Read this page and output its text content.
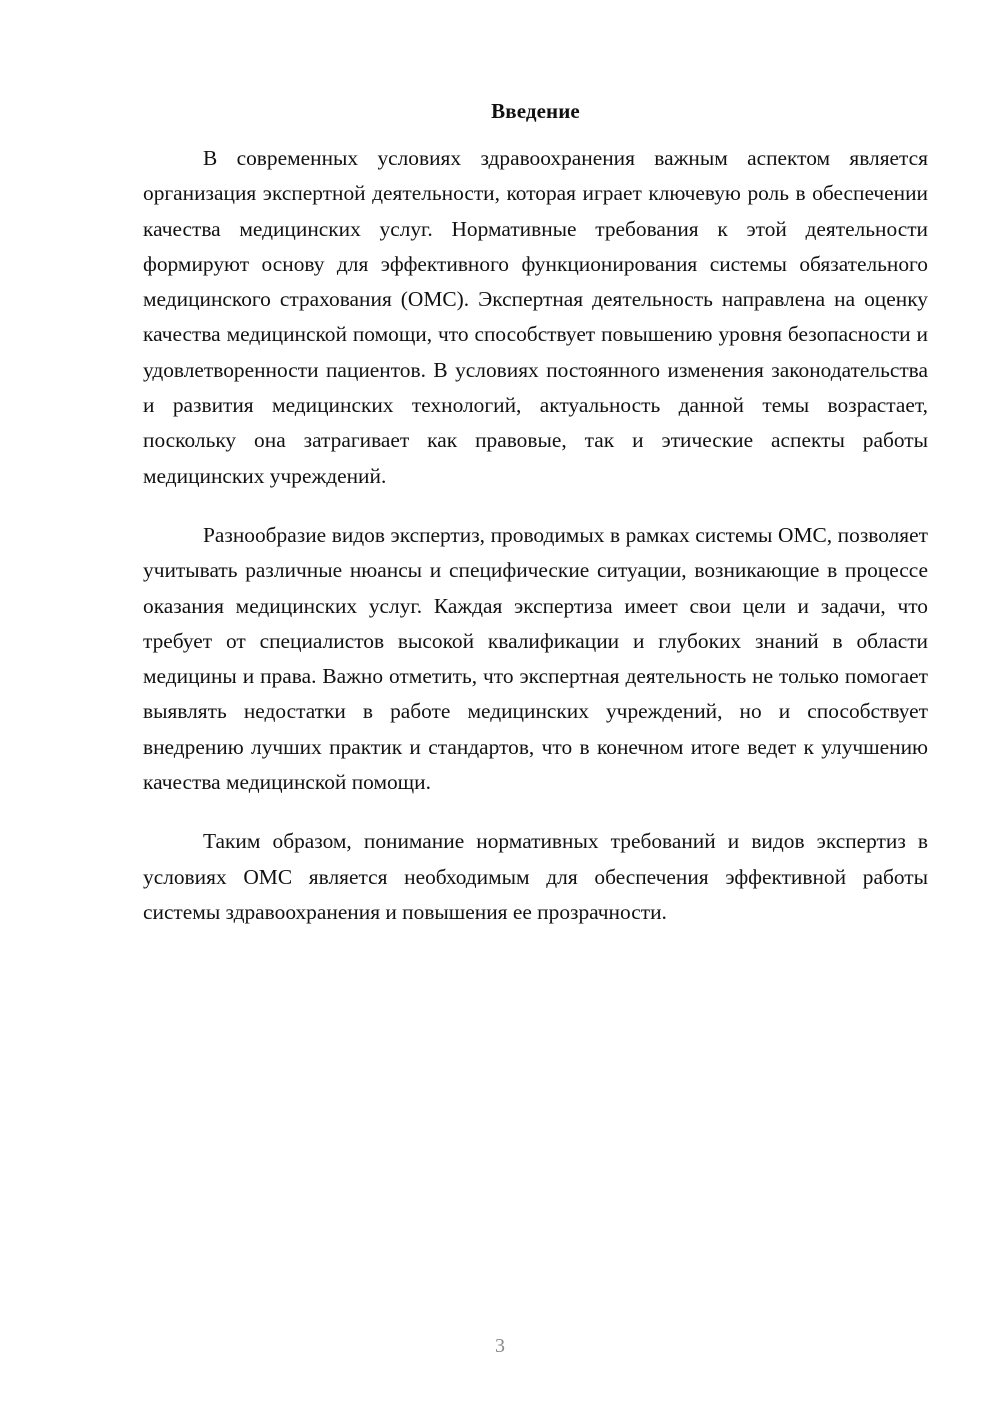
Введение

В современных условиях здравоохранения важным аспектом является организация экспертной деятельности, которая играет ключевую роль в обеспечении качества медицинских услуг. Нормативные требования к этой деятельности формируют основу для эффективного функционирования системы обязательного медицинского страхования (ОМС). Экспертная деятельность направлена на оценку качества медицинской помощи, что способствует повышению уровня безопасности и удовлетворенности пациентов. В условиях постоянного изменения законодательства и развития медицинских технологий, актуальность данной темы возрастает, поскольку она затрагивает как правовые, так и этические аспекты работы медицинских учреждений.

Разнообразие видов экспертиз, проводимых в рамках системы ОМС, позволяет учитывать различные нюансы и специфические ситуации, возникающие в процессе оказания медицинских услуг. Каждая экспертиза имеет свои цели и задачи, что требует от специалистов высокой квалификации и глубоких знаний в области медицины и права. Важно отметить, что экспертная деятельность не только помогает выявлять недостатки в работе медицинских учреждений, но и способствует внедрению лучших практик и стандартов, что в конечном итоге ведет к улучшению качества медицинской помощи.

Таким образом, понимание нормативных требований и видов экспертиз в условиях ОМС является необходимым для обеспечения эффективной работы системы здравоохранения и повышения ее прозрачности.

3
